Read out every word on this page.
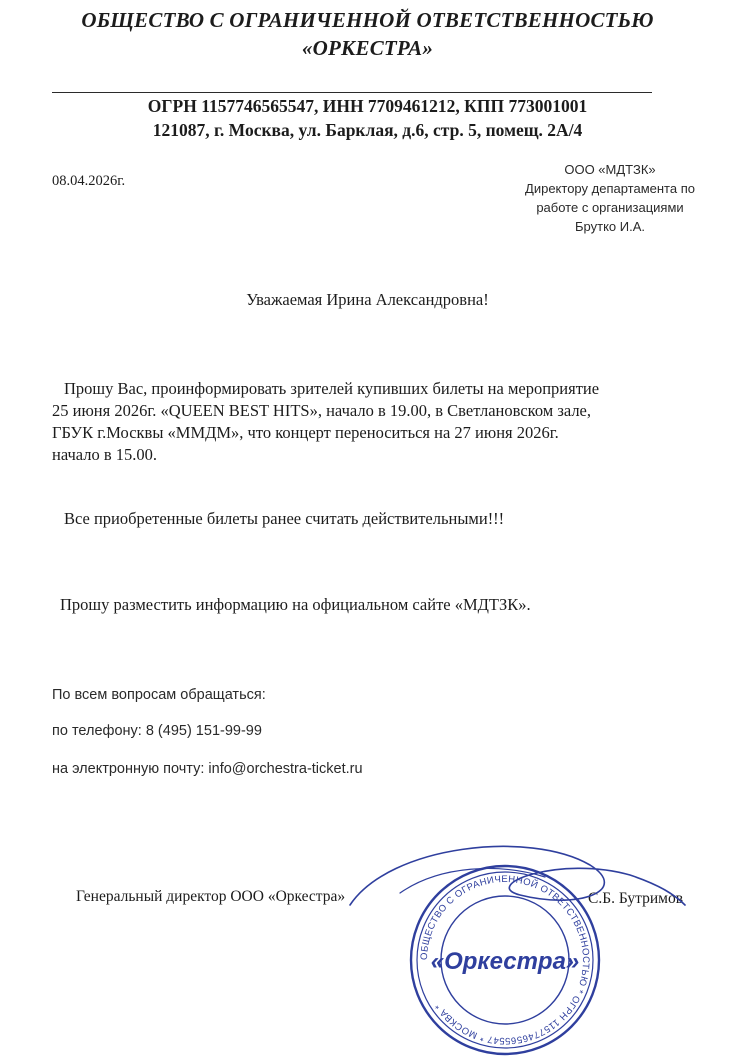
ОБЩЕСТВО С ОГРАНИЧЕННОЙ ОТВЕТСТВЕННОСТЬЮ
«ОРКЕСТРА»
ОГРН 1157746565547, ИНН 7709461212, КПП 773001001
121087, г. Москва, ул. Барклая, д.6, стр. 5, помещ. 2А/4
08.04.2026г.
ООО «МДТЗК»
Директору департамента по
работе с организациями
Брутко И.А.
Уважаемая Ирина Александровна!
Прошу Вас, проинформировать зрителей купивших билеты на мероприятие
25 июня 2026г. «QUEEN BEST HITS», начало в 19.00, в Светлановском зале,
ГБУК г.Москвы «ММДМ», что концерт переноситься на 27 июня 2026г.
начало в 15.00.
Все приобретенные билеты ранее считать действительными!!!
Прошу разместить информацию на официальном сайте «МДТЗК».
По всем вопросам обращаться:
по телефону: 8 (495) 151-99-99
на электронную почту: info@orchestra-ticket.ru
Генеральный директор ООО «Оркестра»	С.Б. Бутримов
ОБЩЕСТВО С ОГРАНИЧЕННОЙ ОТВЕТСТВЕННОСТЬЮ * ОГРН 1157746565547 * МОСКВА *
«Оркестра»
